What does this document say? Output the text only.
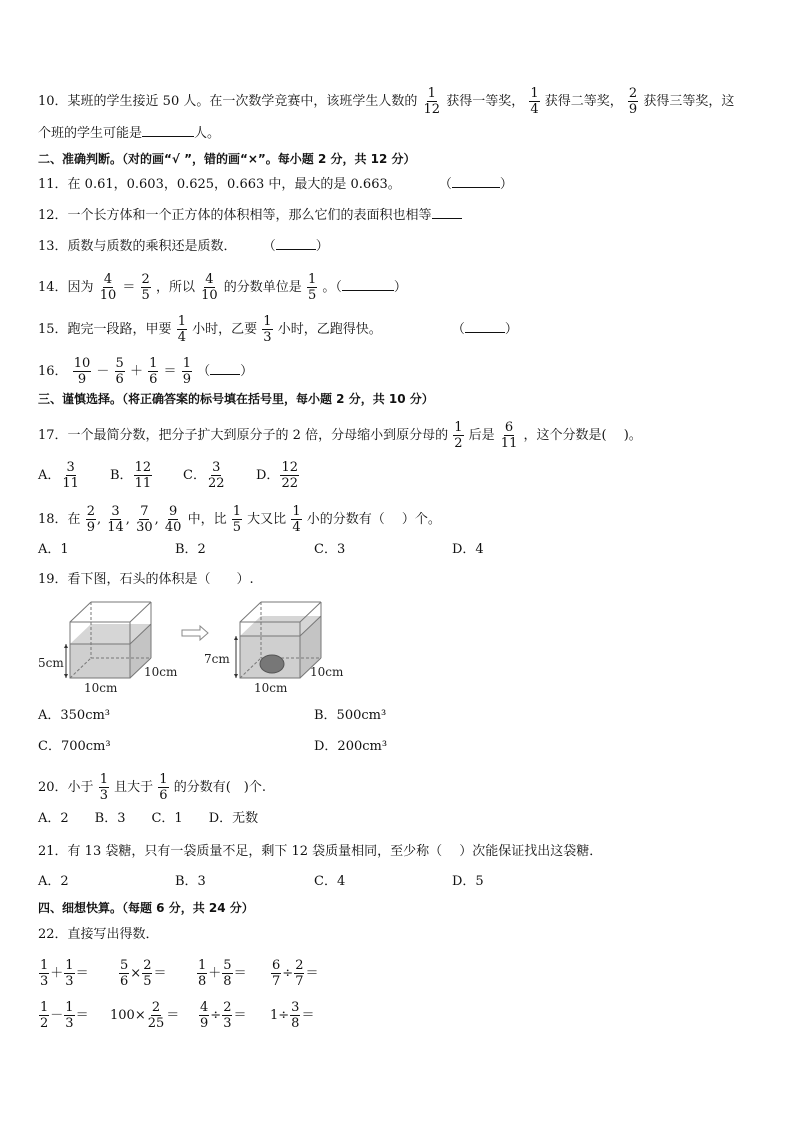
10．某班的学生接近 50 人。在一次数学竞赛中，该班学生人数的 $\frac{1}{12}$ 获得一等奖， $\frac{1}{4}$ 获得二等奖， $\frac{2}{9}$ 获得三等奖，这
个班的学生可能是	人。
二、准确判断。（对的画“√ ”，错的画“×”。每小题 2 分，共 12 分）
11．在 0.61，0.603，0.625，0.663 中，最大的是 0.663。	（	）
12．一个长方体和一个正方体的体积相等，那么它们的表面积也相等
13．质数与质数的乘积还是质数． （	）
14．因为 $\frac{4}{10} = \frac{2}{5}$ ，所以 $\frac{4}{10}$ 的分数单位是 $\frac{1}{5}$ 。（	）
15．跑完一段路，甲要 $\frac{1}{4}$ 小时，乙要 $\frac{1}{3}$ 小时，乙跑得快。	（	）
16． $\frac{10}{9} - \frac{5}{6} + \frac{1}{6} = \frac{1}{9}$ （ ）
三、谨慎选择。（将正确答案的标号填在括号里，每小题 2 分，共 10 分）
17．一个最简分数，把分子扩大到原分子的 2 倍，分母缩小到原分母的 $\frac{1}{2}$ 后是 $\frac{6}{11}$ ，这个分数是(　 )。
A． $\frac{3}{11}$ B． $\frac{12}{11}$ C． $\frac{3}{22}$ D． $\frac{12}{22}$
18．在 $\frac{2}{9}$ , $\frac{3}{14}$ , $\frac{7}{30}$ , $\frac{9}{40}$ 中，比 $\frac{1}{5}$ 大又比 $\frac{1}{4}$ 小的分数有（　 ）个。
A．1	B．2	C．3	D．4
19．看下图，石头的体积是（　　）.
5cm
10cm
10cm
7cm
10cm
10cm
A．350cm³	B．500cm³
C．700cm³	D．200cm³
20．小于 $\frac{1}{3}$ 且大于 $\frac{1}{6}$ 的分数有(　)个.
A．2　　B．3　　C．1　　D．无数
21．有 13 袋糖，只有一袋质量不足，剩下 12 袋质量相同，至少称（　 ）次能保证找出这袋糖．
A．2	B．3	C．4	D．5
四、细想快算。（每题 6 分，共 24 分）
22．直接写出得数．
$\frac{1}{3} + \frac{1}{3} = \frac{5}{6} \times \frac{2}{5} = \frac{1}{8} + \frac{5}{8} = \frac{6}{7} \div \frac{2}{7}$ ＝
$\frac{1}{2} - \frac{1}{3} = 100\times \frac{2}{25} = \frac{4}{9} \div \frac{2}{3} = 1\div \frac{3}{8}$ ＝
